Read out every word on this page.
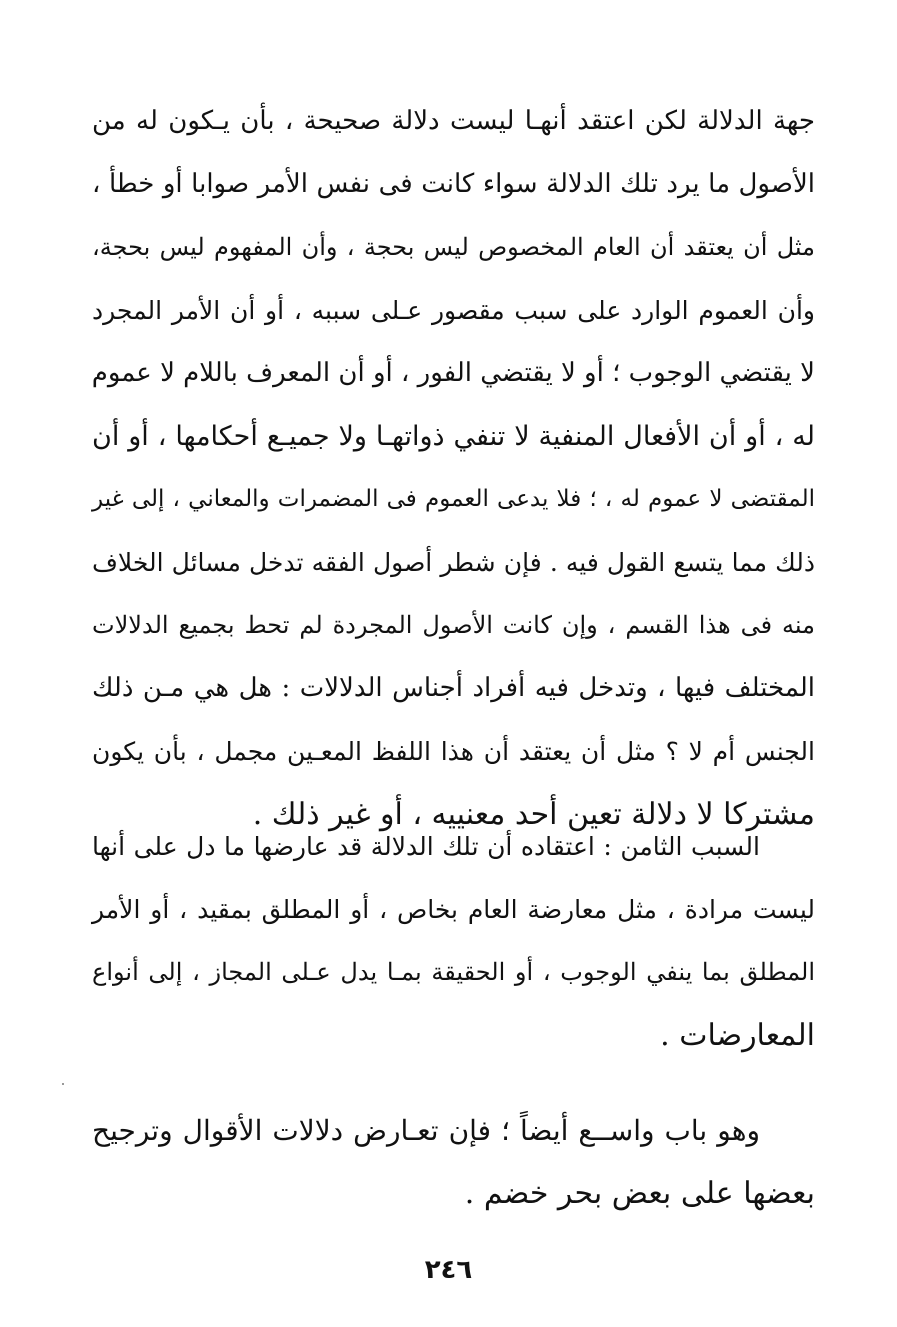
جهة الدلالة لكن اعتقد أنهـا ليست دلالة صحيحة ، بأن يـكون له من
الأصول ما يرد تلك الدلالة سواء كانت فى نفس الأمر صوابا أو خطأ ،
مثل أن يعتقد أن العام المخصوص ليس بحجة ، وأن المفهوم ليس بحجة،
وأن العموم الوارد على سبب مقصور عـلى سببه ، أو أن الأمر المجرد
لا يقتضي الوجوب ؛ أو لا يقتضي الفور ، أو أن المعرف باللام لا عموم
له ، أو أن الأفعال المنفية لا تنفي ذواتهـا ولا جميـع أحكامها ، أو أن
المقتضى لا عموم له ، ؛ فلا يدعى العموم فى المضمرات والمعاني ، إلى غير
ذلك مما يتسع القول فيه . فإن شطر أصول الفقه تدخل مسائل الخلاف
منه فى هذا القسم ، وإن كانت الأصول المجردة لم تحط بجميع الدلالات
المختلف فيها ، وتدخل فيه أفراد أجناس الدلالات : هل هي مـن ذلك
الجنس أم لا ؟ مثل أن يعتقد أن هذا اللفظ المعـين مجمل ، بأن يكون
مشتركا لا دلالة تعين أحد معنييه ، أو غير ذلك .
السبب الثامن : اعتقاده أن تلك الدلالة قد عارضها ما دل على أنها
ليست مرادة ، مثل معارضة العام بخاص ، أو المطلق بمقيد ، أو الأمر
المطلق بما ينفي الوجوب ، أو الحقيقة بمـا يدل عـلى المجاز ، إلى أنواع
المعارضات .
وهو باب واســع أيضاً ؛ فإن تعـارض دلالات الأقوال وترجيح
بعضها على بعض بحر خضم .
٢٤٦
